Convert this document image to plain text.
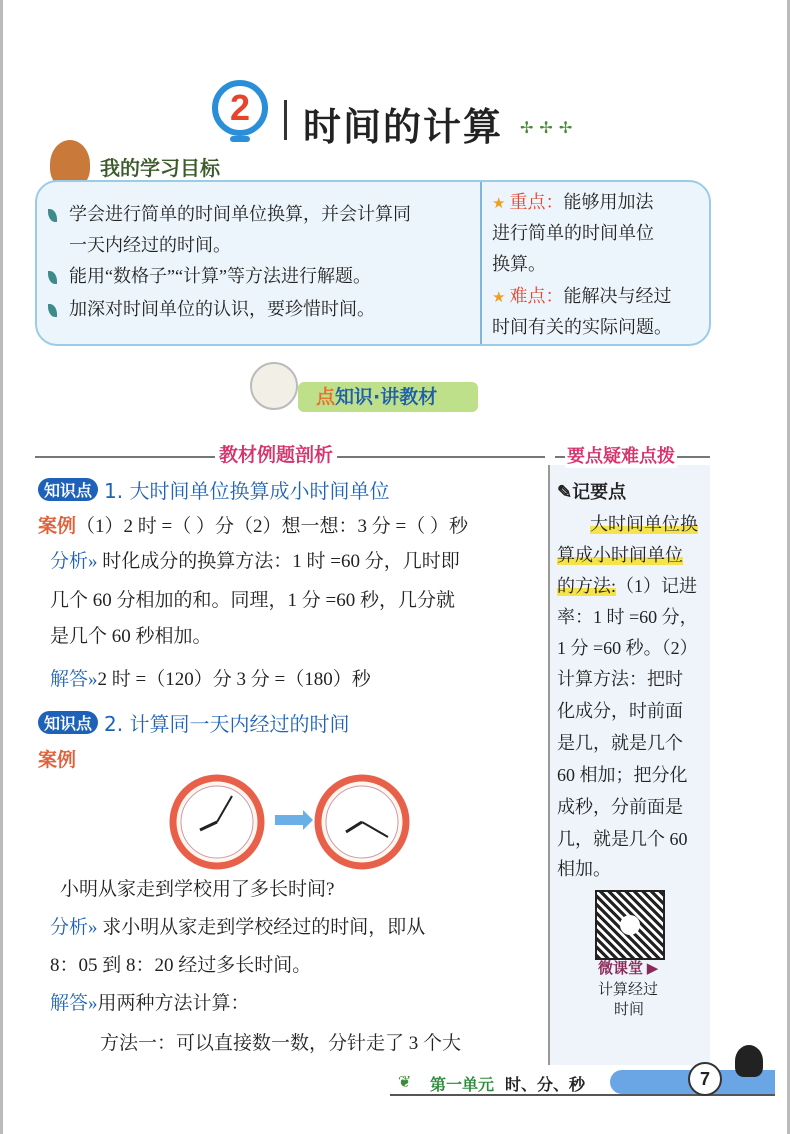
2	时间的计算 ✢✢✢
我的学习目标
学会进行简单的时间单位换算，并会计算同
一天内经过的时间。
能用“数格子”“计算”等方法进行解题。
加深对时间单位的认识，要珍惜时间。
★ 重点：能够用加法
进行简单的时间单位
换算。
★ 难点：能解决与经过
时间有关的实际问题。
点知识·讲教材
教材例题剖析	要点疑难点拨
知识点 1. 大时间单位换算成小时间单位
案例（1）2 时 =（ ）分（2）想一想：3 分 =（ ）秒
分析» 时化成分的换算方法：1 时 =60 分，几时即
几个 60 分相加的和。同理，1 分 =60 秒，几分就
是几个 60 秒相加。
解答»2 时 =（120）分 3 分 =（180）秒
知识点 2. 计算同一天内经过的时间
案例
小明从家走到学校用了多长时间?
分析» 求小明从家走到学校经过的时间，即从
8：05 到 8：20 经过多长时间。
解答»用两种方法计算：
方法一：可以直接数一数，分针走了 3 个大
✎记要点
大时间单位换
算成小时间单位
的方法:（1）记进
率：1 时 =60 分，
1 分 =60 秒。（2）
计算方法：把时
化成分，时前面
是几，就是几个
60 相加；把分化
成秒，分前面是
几，就是几个 60
相加。
微课堂 ▶
计算经过
时间
❦ 第一单元 时、分、秒	7
